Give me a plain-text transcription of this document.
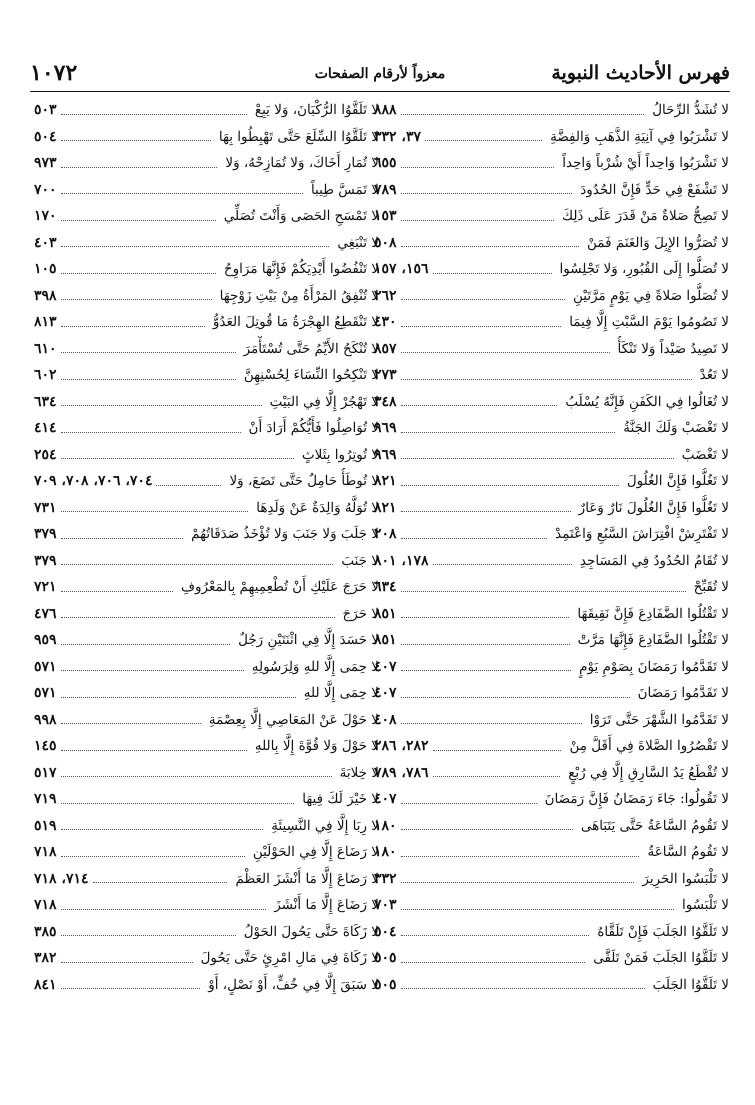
فهرس الأحاديث النبوية
معزواً لأرقام الصفحات
١٠٧٢
لا تُشَدُّ الرِّحَالُ
٨٨٨
لا تَشْرَبُوا فِي آنِيَةِ الذَّهَبِ وَالفِضَّةِ
٣٧، ٣٣٢
لا تَشْرَبُوا وَاحِداً أَيْ شُرْباً وَاحِداً
٦٥٥
لا تَشْفَعْ فِي حَدٍّ فَإِنَّ الحُدُودَ
٧٨٩
لا تَصِحُّ صَلاةٌ مَنْ قَدَرَ عَلَى ذَلِكَ
١٥٣
لا تُصَرُّوا الإِبِلَ وَالغَنَمَ فَمَنْ
٥٠٨
لا تُصَلُّوا إِلَى القُبُورِ، وَلا تَجْلِسُوا
١٥٦، ١٥٧
لا تُصَلُّوا صَلاةً فِي يَوْمٍ مَرَّتَيْنِ
٢٦٢
لا تَصُومُوا يَوْمَ السَّبْتِ إِلَّا فِيمَا
٤٣٠
لا تَصِيدُ صَيْداً وَلا تَنْكَأُ
٨٥٧
لا تَعُدْ
٢٧٣
لا تُغَالُوا فِي الكَفَنِ فَإِنَّهُ يُسْلَبُ
٣٤٨
لا تَغْضَبْ وَلَكَ الجَنَّةُ
٩٦٩
لا تَغْضَبْ
٩٦٩
لا تَغُلُّوا فَإِنَّ الغُلُولَ
٨٢١
لا تَغُلُّوا فَإِنَّ الغُلُولَ نَارٌ وَعَارٌ
٨٢١
لا تَفْتَرِشْ افْتِرَاشَ السَّبُعِ وَاعْتَمِدْ
٢٠٨
لا تُقَامُ الحُدُودُ فِي المَسَاجِدِ
١٧٨، ٨٠١
لا تُقَبِّحْ
٦٣٤
لا تَقْتُلُوا الضَّفَادِعَ فَإِنَّ نَقِيقَهَا
٨٥١
لا تَقْتُلُوا الضَّفَادِعَ فَإِنَّهَا مَرَّتْ
٨٥١
لا تَقَدَّمُوا رَمَضَانَ بِصَوْمِ يَوْمٍ
٤٠٧
لا تَقَدَّمُوا رَمَضَانَ
٤٠٧
لا تَقَدَّمُوا الشَّهْرَ حَتَّى تَرَوْا
٤٠٨
لا تَقْصُرُوا الصَّلاةَ فِي أَقَلَّ مِنْ
٢٨٢، ٢٨٦
لا تُقْطَعُ يَدُ السَّارِقِ إِلَّا فِي رُبْعٍ
٧٨٦، ٧٨٩
لا تَقُولُوا: جَاءَ رَمَضَانُ فَإِنَّ رَمَضَانَ
٤٠٧
لا تَقُومُ السَّاعَةُ حَتَّى يَتَبَاهَى
١٨٠
لا تَقُومُ السَّاعَةُ
١٨٠
لا تَلْبَسُوا الحَرِيرَ
٣٣٢
لا تَلْبَسُوا
٧٠٣
لا تَلَقَّوُا الجَلَبَ فَإِنْ تَلَقَّاهُ
٥٠٤
لا تَلَقَّوُا الجَلَبَ فَمَنْ تَلَقَّى
٥٠٥
لا تَلَقَّوُا الجَلَبَ
٥٠٥
لا تَلَقَّوُا الرُّكْبَانَ، وَلا يَبِعْ
٥٠٣
لا تَلَقَّوُا السِّلَعَ حَتَّى تَهْبِطُوا بِهَا
٥٠٤
لا تُمَارِ أَخَاكَ، وَلا تُمَازِحْهُ، وَلا
٩٧٣
لا تَمَسَّ طِيباً
٧٠٠
لا تَمْسَحِ الحَصَى وَأَنْتَ تُصَلِّي
١٧٠
لا تَنْبَغِي
٤٠٣
لا تَنْفُضُوا أَيْدِيَكُمْ فَإِنَّهَا مَرَاوِحُ
١٠٥
لا تُنْفِقُ المَرْأَةُ مِنْ بَيْتِ زَوْجِهَا
٣٩٨
لا تَنْقَطِعُ الهِجْرَةُ مَا قُوتِلَ العَدُوُّ
٨١٣
لا تُنْكَحُ الأَيِّمُ حَتَّى تُسْتَأْمَرَ
٦١٠
لا تَنْكِحُوا النِّسَاءَ لِحُسْنِهِنَّ
٦٠٢
لا تَهْجُرْ إِلَّا فِي البَيْتِ
٦٣٤
لا تُوَاصِلُوا فَأَيُّكُمْ أَرَادَ أَنْ
٤١٤
لا تُوتِرُوا بِثَلاثٍ
٢٥٤
لا تُوطَأُ حَامِلٌ حَتَّى تَضَعَ، وَلا
٧٠٤، ٧٠٦، ٧٠٨، ٧٠٩
لا تُوَلَّهُ وَالِدَةٌ عَنْ وَلَدِهَا
٧٣١
لا جَلَبَ وَلا جَنَبَ وَلا تُؤْخَذُ صَدَقَاتُهُمْ
٣٧٩
لا جَنَبَ
٣٧٩
لا حَرَجَ عَلَيْكِ أَنْ تُطْعِمِيهِمْ بِالمَعْرُوفِ
٧٢١
لا حَرَجَ
٤٧٦
لا حَسَدَ إِلَّا فِي اثْنَتَيْنِ رَجُلٌ
٩٥٩
لا حِمَى إِلَّا للهِ وَلِرَسُولِهِ
٥٧١
لا حِمَى إِلَّا للهِ
٥٧١
لا حَوْلَ عَنْ المَعَاصِي إِلَّا بِعِصْمَةِ
٩٩٨
لا حَوْلَ وَلا قُوَّةَ إِلَّا بِاللهِ
١٤٥
لا خِلابَةَ
٥١٧
لا خَيْرَ لَكَ فِيهَا
٧١٩
لا رِبَا إِلَّا فِي النَّسِيئَةِ
٥١٩
لا رَضَاعَ إِلَّا فِي الحَوْلَيْنِ
٧١٨
لا رَضَاعَ إِلَّا مَا أَنْشَزَ العَظْمَ
٧١٤، ٧١٨
لا رَضَاعَ إِلَّا مَا أَنْشَزَ
٧١٨
لا زَكَاةَ حَتَّى يَحُولَ الحَوْلُ
٣٨٥
لا زَكَاةَ فِي مَالِ امْرِئٍ حَتَّى يَحُولَ
٣٨٢
لا سَبَقَ إِلَّا فِي خُفٍّ، أَوْ نَصْلٍ، أَوْ
٨٤١
